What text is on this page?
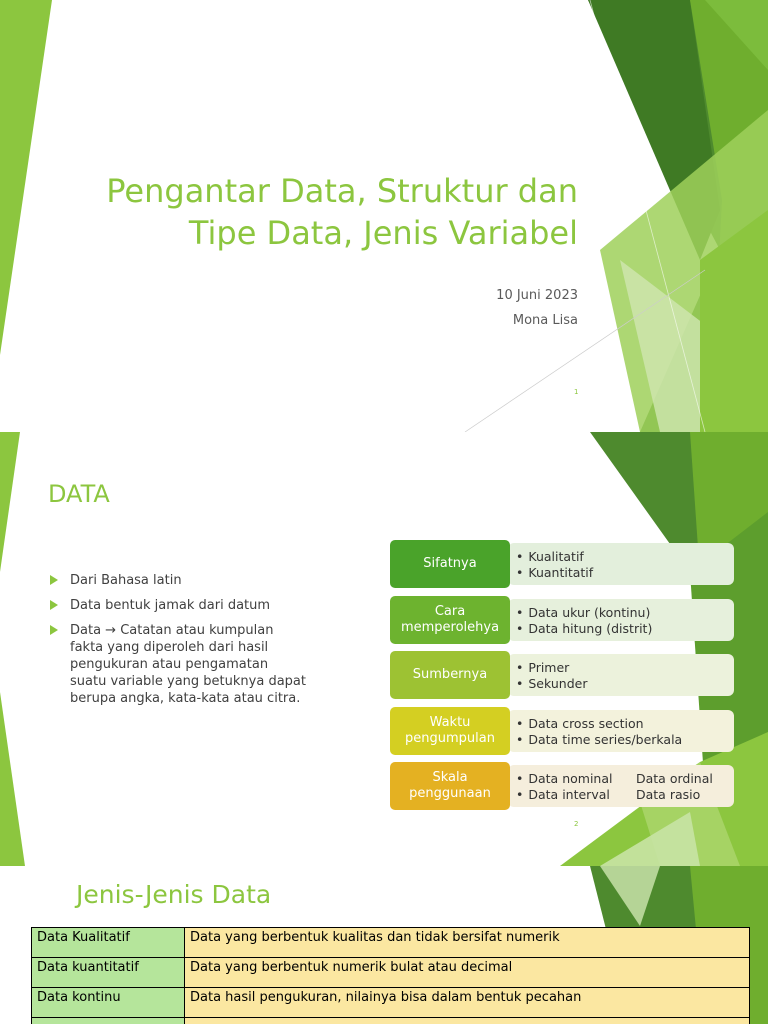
Pengantar Data, Struktur dan Tipe Data, Jenis Variabel
10 Juni 2023
Mona Lisa
1
DATA
Dari Bahasa latin
Data bentuk jamak dari datum
Data → Catatan atau kumpulan fakta yang diperoleh dari hasil pengukuran atau pengamatan suatu variable yang betuknya dapat berupa angka, kata-kata atau citra.
• Kualitatif
• Kuantitatif
Sifatnya
• Data ukur (kontinu)
• Data hitung (distrit)
Cara memperolehya
• Primer
• Sekunder
Sumbernya
• Data cross section
• Data time series/berkala
Waktu pengumpulan
• Data nominal	Data ordinal
• Data interval	Data rasio
Skala penggunaan
2
Jenis-Jenis Data
Data Kualitatif	Data yang berbentuk kualitas dan tidak bersifat numerik
Data kuantitatif	Data yang berbentuk numerik bulat atau decimal
Data kontinu	Data hasil pengukuran, nilainya bisa dalam bentuk pecahan
